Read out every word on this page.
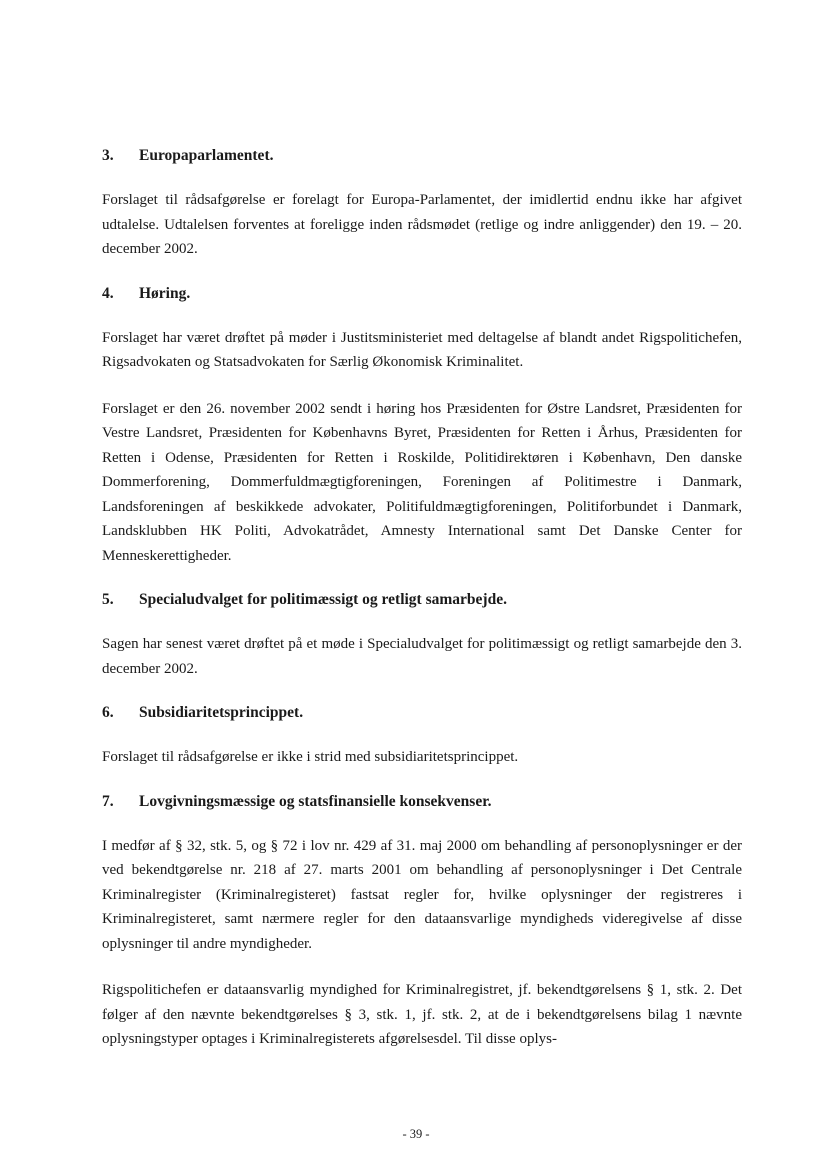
3.	Europaparlamentet.

Forslaget til rådsafgørelse er forelagt for Europa-Parlamentet, der imidlertid endnu ikke har afgivet udtalelse. Udtalelsen forventes at foreligge inden rådsmødet (retlige og indre anliggender) den 19. – 20. december 2002.

4.	Høring.

Forslaget har været drøftet på møder i Justitsministeriet med deltagelse af blandt andet Rigspolitichefen, Rigsadvokaten og Statsadvokaten for Særlig Økonomisk Kriminalitet.

Forslaget er den 26. november 2002 sendt i høring hos Præsidenten for Østre Landsret, Præsidenten for Vestre Landsret, Præsidenten for Københavns Byret, Præsidenten for Retten i Århus, Præsidenten for Retten i Odense, Præsidenten for Retten i Roskilde, Politidirektøren i København, Den danske Dommerforening, Dommerfuldmægtigforeningen, Foreningen af Politimestre i Danmark, Landsforeningen af beskikkede advokater, Politifuldmægtigforeningen, Politiforbundet i Danmark, Landsklubben HK Politi, Advokatrådet, Amnesty International samt Det Danske Center for Menneskerettigheder.

5.	Specialudvalget for politimæssigt og retligt samarbejde.

Sagen har senest været drøftet på et møde i Specialudvalget for politimæssigt og retligt samarbejde den 3. december 2002.

6.	Subsidiaritetsprincippet.

Forslaget til rådsafgørelse er ikke i strid med subsidiaritetsprincippet.

7.	Lovgivningsmæssige og statsfinansielle konsekvenser.

I medfør af § 32, stk. 5, og § 72 i lov nr. 429 af 31. maj 2000 om behandling af personoplysninger er der ved bekendtgørelse nr. 218 af 27. marts 2001 om behandling af personoplysninger i Det Centrale Kriminalregister (Kriminalregisteret) fastsat regler for, hvilke oplysninger der registreres i Kriminalregisteret, samt nærmere regler for den dataansvarlige myndigheds videregivelse af disse oplysninger til andre myndigheder.

Rigspolitichefen er dataansvarlig myndighed for Kriminalregistret, jf. bekendtgørelsens § 1, stk. 2. Det følger af den nævnte bekendtgørelses § 3, stk. 1, jf. stk. 2, at de i bekendtgørelsens bilag 1 nævnte oplysningstyper optages i Kriminalregisterets afgørelsesdel. Til disse oplys-

- 39 -
